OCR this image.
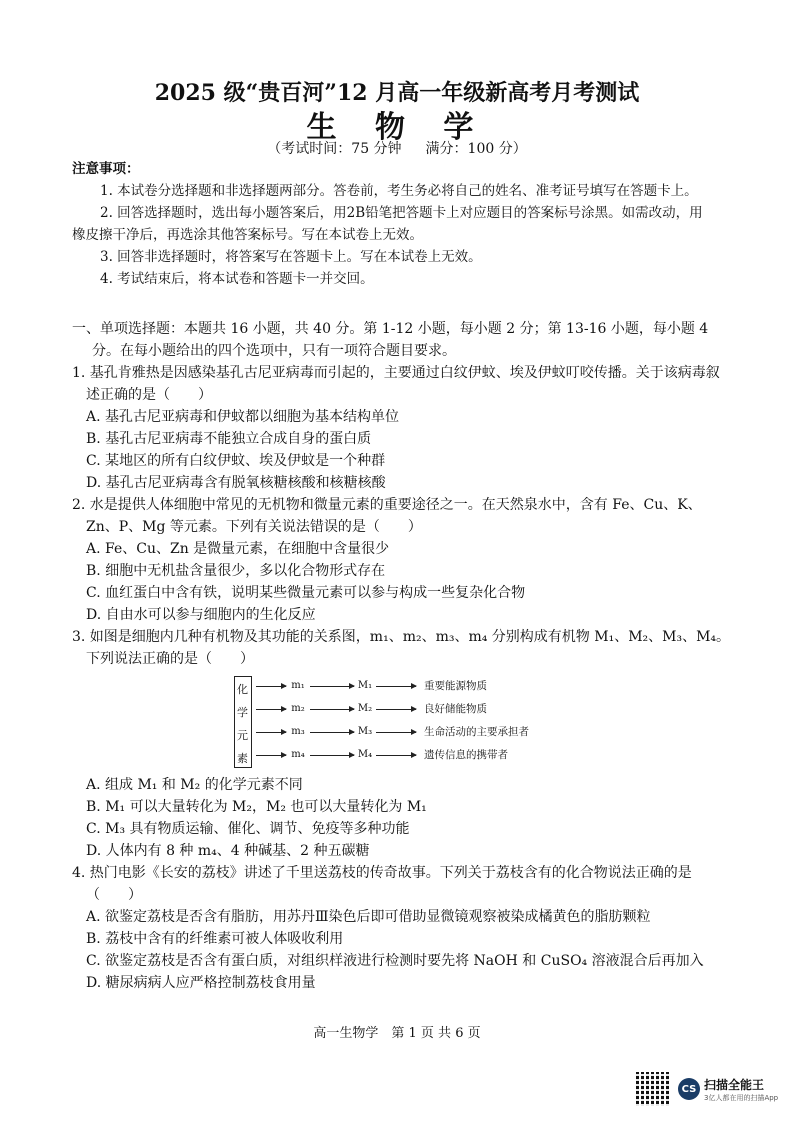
2025 级“贵百河”12 月高一年级新高考月考测试
生 物 学
（考试时间：75 分钟 满分：100 分）
注意事项：

1. 本试卷分选择题和非选择题两部分。答卷前，考生务必将自己的姓名、准考证号填写在答题卡上。

2. 回答选择题时，选出每小题答案后，用2B铅笔把答题卡上对应题目的答案标号涂黑。如需改动，用橡皮擦干净后，再选涂其他答案标号。写在本试卷上无效。

3. 回答非选择题时，将答案写在答题卡上。写在本试卷上无效。

4. 考试结束后，将本试卷和答题卡一并交回。

一、单项选择题：本题共 16 小题，共 40 分。第 1-12 小题，每小题 2 分；第 13-16 小题，每小题 4 分。在每小题给出的四个选项中，只有一项符合题目要求。

1. 基孔肯雅热是因感染基孔古尼亚病毒而引起的，主要通过白纹伊蚊、埃及伊蚊叮咬传播。关于该病毒叙述正确的是（　　）
A. 基孔古尼亚病毒和伊蚊都以细胞为基本结构单位
B. 基孔古尼亚病毒不能独立合成自身的蛋白质
C. 某地区的所有白纹伊蚊、埃及伊蚊是一个种群
D. 基孔古尼亚病毒含有脱氧核糖核酸和核糖核酸
2. 水是提供人体细胞中常见的无机物和微量元素的重要途径之一。在天然泉水中，含有 Fe、Cu、K、Zn、P、Mg 等元素。下列有关说法错误的是（　　）
A. Fe、Cu、Zn 是微量元素，在细胞中含量很少
B. 细胞中无机盐含量很少，多以化合物形式存在
C. 血红蛋白中含有铁，说明某些微量元素可以参与构成一些复杂化合物
D. 自由水可以参与细胞内的生化反应
3. 如图是细胞内几种有机物及其功能的关系图，m₁、m₂、m₃、m₄ 分别构成有机物 M₁、M₂、M₃、M₄。下列说法正确的是（　　）
化
学
元
素
m₁	M₁	重要能源物质
m₂	M₂	良好储能物质
m₃	M₃	生命活动的主要承担者
m₄	M₄	遗传信息的携带者
A. 组成 M₁ 和 M₂ 的化学元素不同
B. M₁ 可以大量转化为 M₂，M₂ 也可以大量转化为 M₁
C. M₃ 具有物质运输、催化、调节、免疫等多种功能
D. 人体内有 8 种 m₄、4 种碱基、2 种五碳糖
4. 热门电影《长安的荔枝》讲述了千里送荔枝的传奇故事。下列关于荔枝含有的化合物说法正确的是（　　）
A. 欲鉴定荔枝是否含有脂肪，用苏丹Ⅲ染色后即可借助显微镜观察被染成橘黄色的脂肪颗粒
B. 荔枝中含有的纤维素可被人体吸收利用
C. 欲鉴定荔枝是否含有蛋白质，对组织样液进行检测时要先将 NaOH 和 CuSO₄ 溶液混合后再加入
D. 糖尿病病人应严格控制荔枝食用量
高一生物学　第 1 页 共 6 页
CS 扫描全能王
3亿人都在用的扫描App
